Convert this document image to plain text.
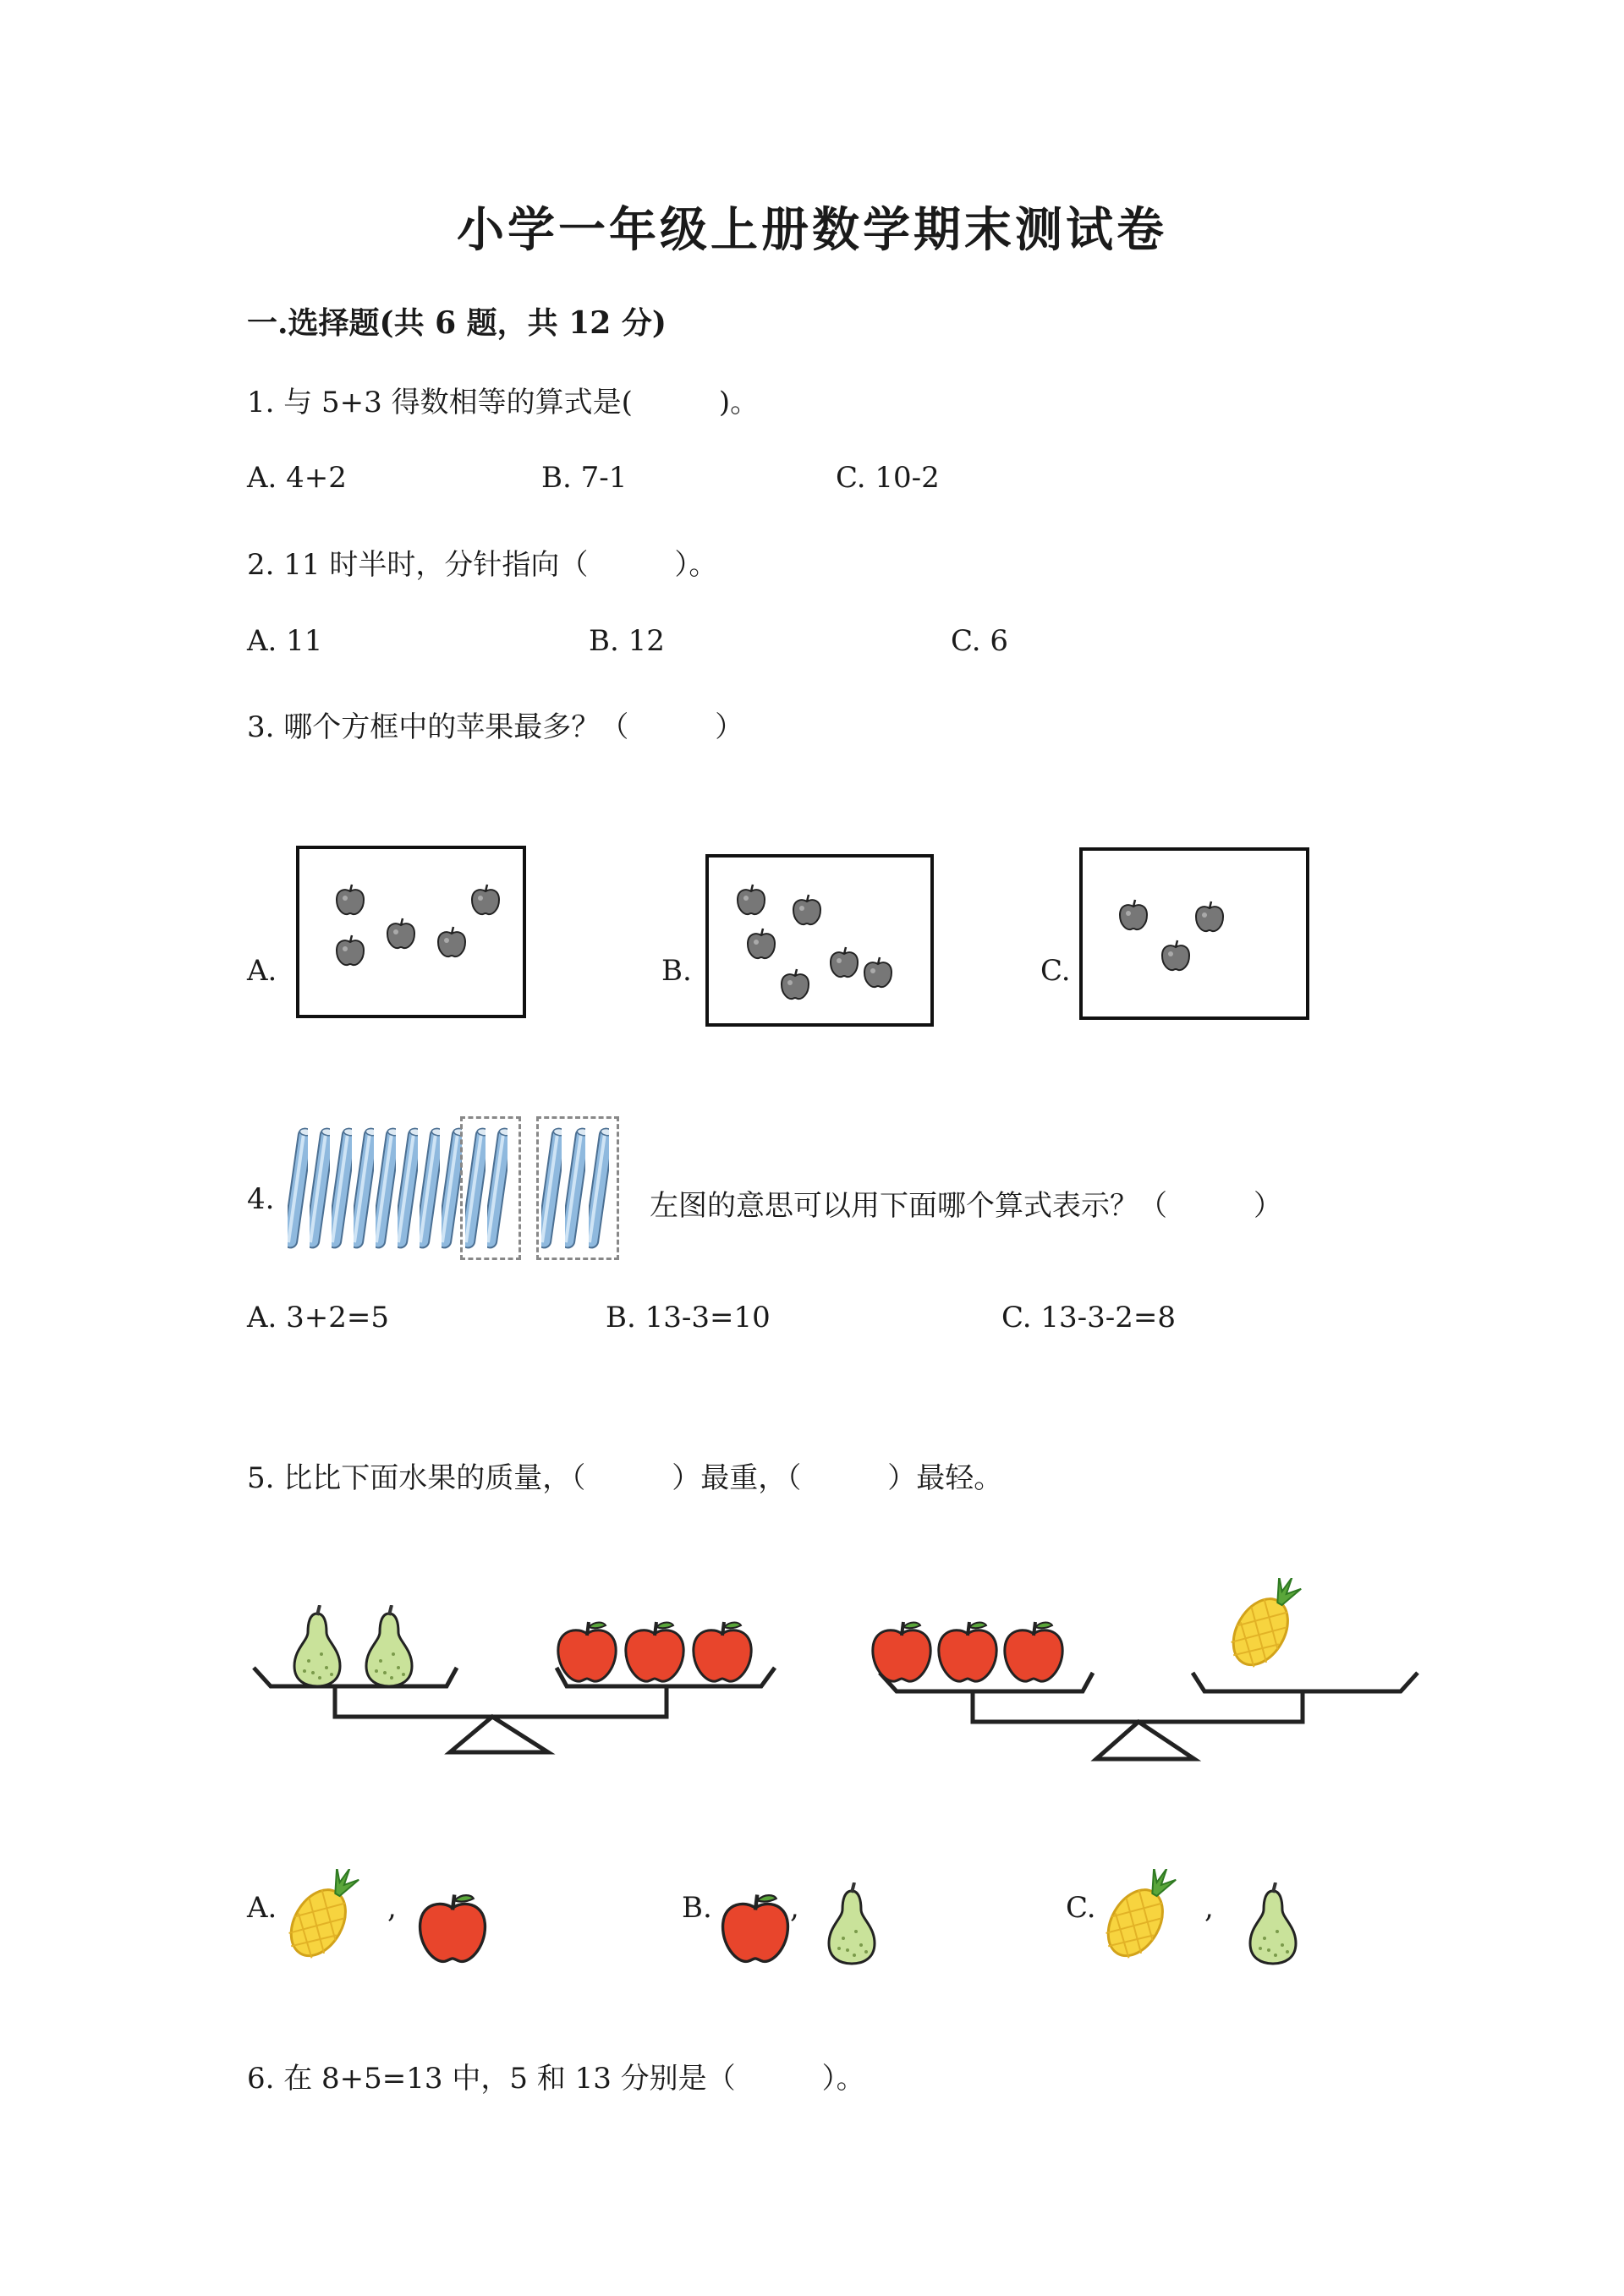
小学一年级上册数学期末测试卷
一.选择题(共 6 题，共 12 分)
1. 与 5+3 得数相等的算式是(　　　)。
A. 4+2	B. 7-1	C. 10-2
2. 11 时半时，分针指向（　　　）。
A. 11	B. 12	C. 6
3. 哪个方框中的苹果最多？（　　　）
A.	B.	C.
4.	左图的意思可以用下面哪个算式表示？（　　　）
A. 3+2=5	B. 13-3=10	C. 13-3-2=8
5. 比比下面水果的质量，（　　　）最重，（　　　）最轻。
A.	,	B.	,	C.	,
6. 在 8+5=13 中，5 和 13 分别是（　　　）。
